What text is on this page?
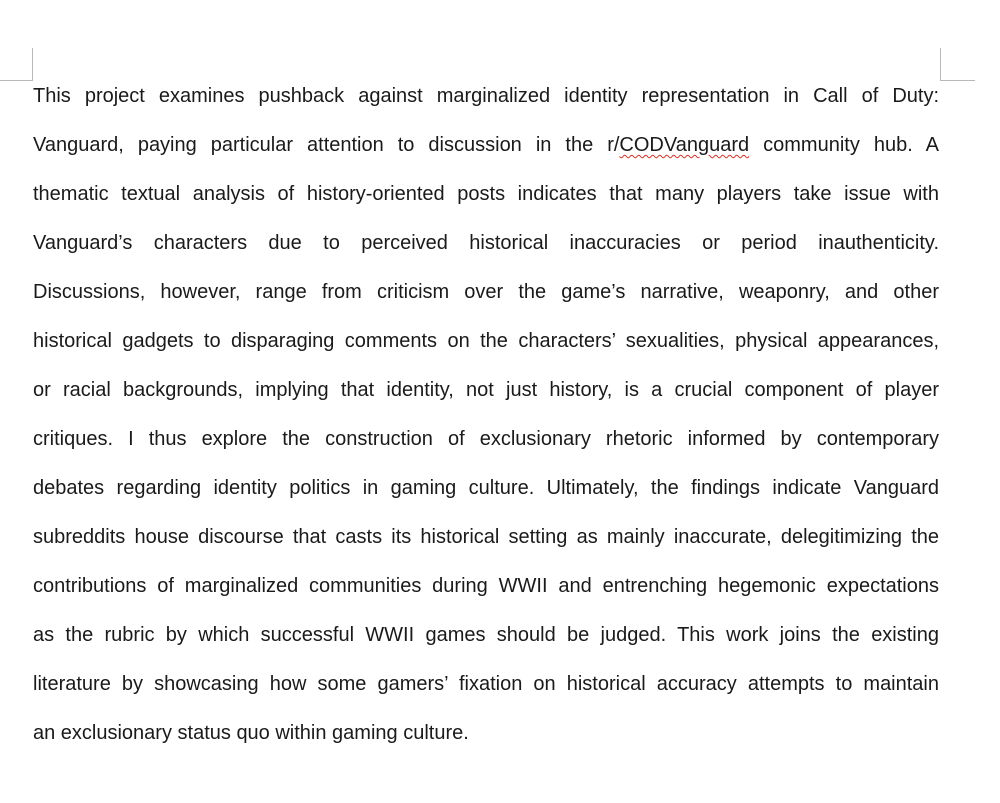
This project examines pushback against marginalized identity representation in Call of Duty:
Vanguard, paying particular attention to discussion in the r/CODVanguard community hub. A
thematic textual analysis of history-oriented posts indicates that many players take issue with
Vanguard’s characters due to perceived historical inaccuracies or period inauthenticity.
Discussions, however, range from criticism over the game’s narrative, weaponry, and other
historical gadgets to disparaging comments on the characters’ sexualities, physical appearances,
or racial backgrounds, implying that identity, not just history, is a crucial component of player
critiques. I thus explore the construction of exclusionary rhetoric informed by contemporary
debates regarding identity politics in gaming culture. Ultimately, the findings indicate Vanguard
subreddits house discourse that casts its historical setting as mainly inaccurate, delegitimizing the
contributions of marginalized communities during WWII and entrenching hegemonic expectations
as the rubric by which successful WWII games should be judged. This work joins the existing
literature by showcasing how some gamers’ fixation on historical accuracy attempts to maintain
an exclusionary status quo within gaming culture.
